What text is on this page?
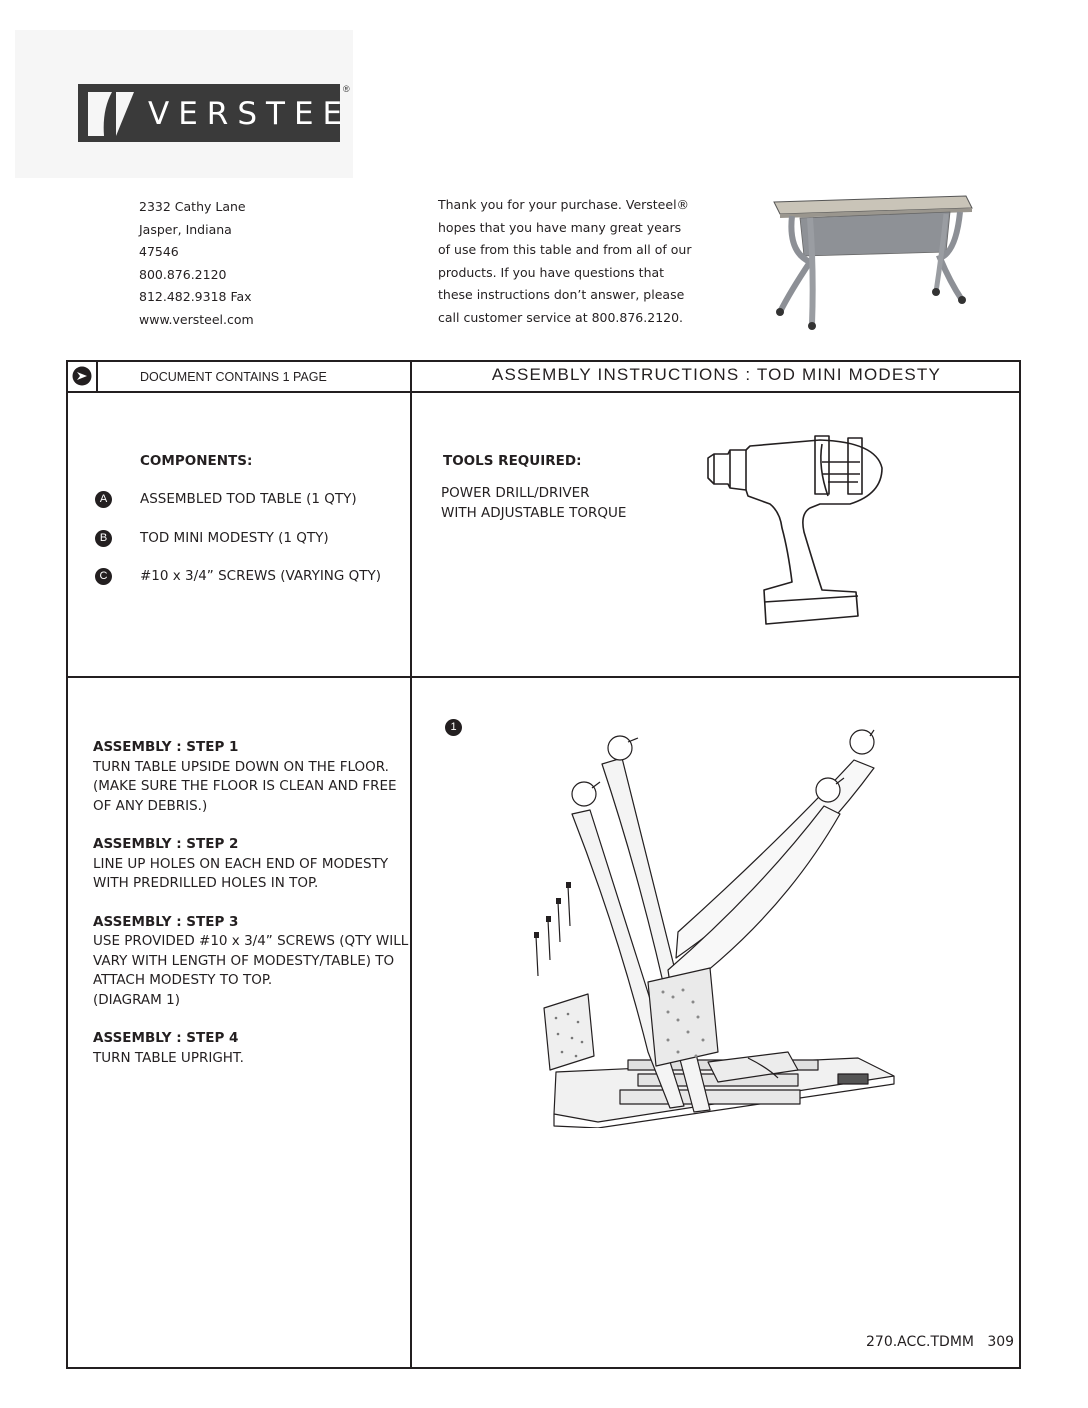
VERSTEEL
®
2332 Cathy Lane
Jasper, Indiana
47546
800.876.2120
812.482.9318 Fax
www.versteel.com
Thank you for your purchase. Versteel®
hopes that you have many great years
of use from this table and from all of our
products. If you have questions that
these instructions don’t answer, please
call customer service at 800.876.2120.
DOCUMENT CONTAINS 1 PAGE	ASSEMBLY INSTRUCTIONS : TOD MINI MODESTY
COMPONENTS:
A	ASSEMBLED TOD TABLE (1 QTY)
B	TOD MINI MODESTY (1 QTY)
C	#10 x 3/4” SCREWS (VARYING QTY)
TOOLS REQUIRED:
POWER DRILL/DRIVER
WITH ADJUSTABLE TORQUE
ASSEMBLY : STEP 1
TURN TABLE UPSIDE DOWN ON THE FLOOR.
(MAKE SURE THE FLOOR IS CLEAN AND FREE
OF ANY DEBRIS.)
ASSEMBLY : STEP 2
LINE UP HOLES ON EACH END OF MODESTY
WITH PREDRILLED HOLES IN TOP.
ASSEMBLY : STEP 3
USE PROVIDED #10 x 3/4” SCREWS (QTY WILL
VARY WITH LENGTH OF MODESTY/TABLE) TO
ATTACH MODESTY TO TOP.
(DIAGRAM 1)
ASSEMBLY : STEP 4
TURN TABLE UPRIGHT.
1
270.ACC.TDMM 309
